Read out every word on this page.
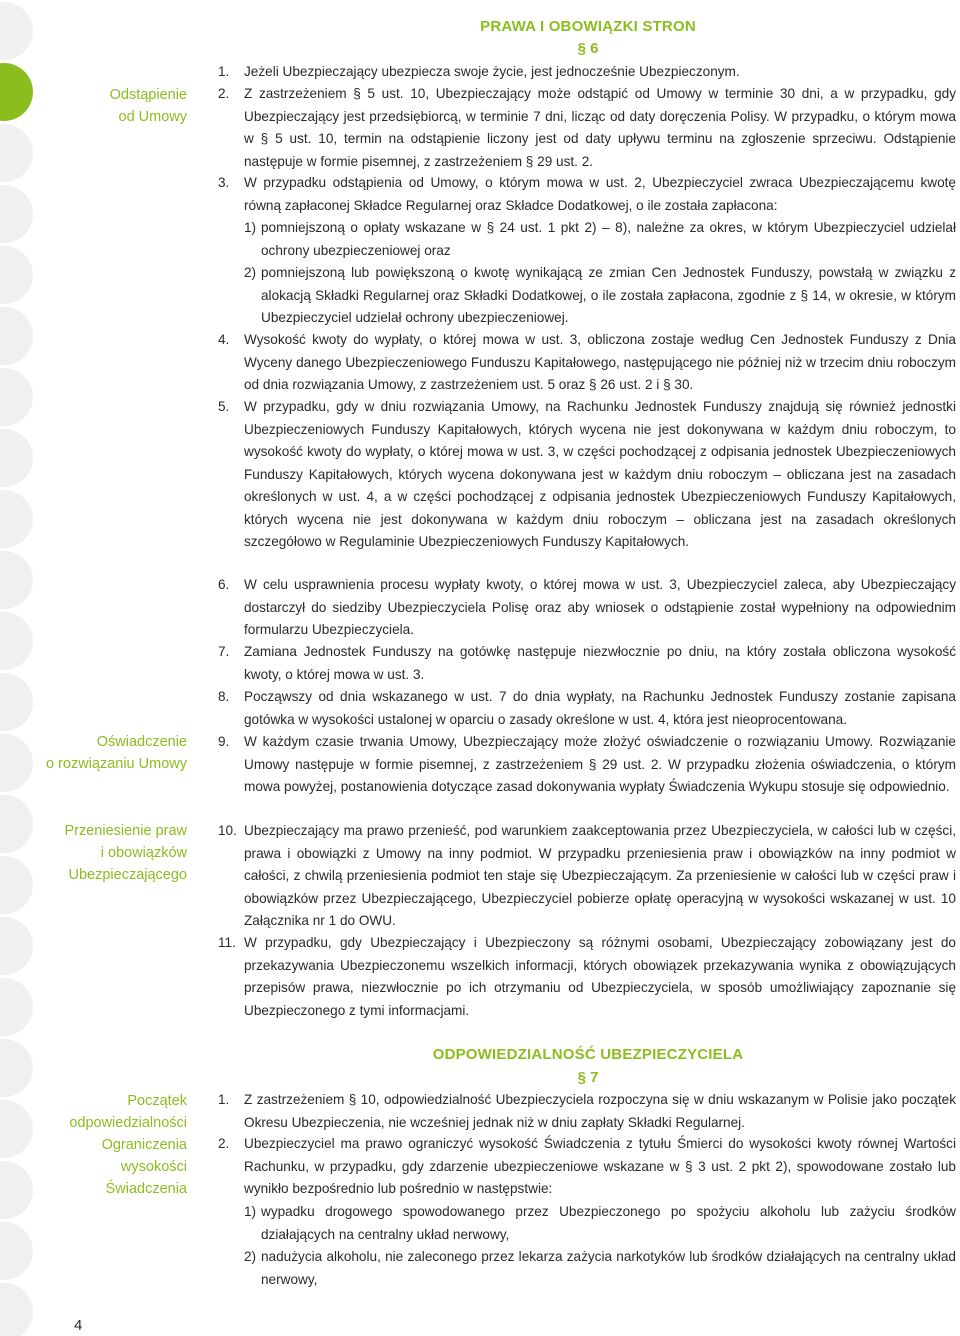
Odstąpienie
od Umowy
Oświadczenie
o rozwiązaniu Umowy
Przeniesienie praw
i obowiązków
Ubezpieczającego
Początek
odpowiedzialności
Ograniczenia
wysokości
Świadczenia
PRAWA I OBOWIĄZKI STRON
§ 6
1.	Jeżeli Ubezpieczający ubezpiecza swoje życie, jest jednocześnie Ubezpieczonym.
2.	Z zastrzeżeniem § 5 ust. 10, Ubezpieczający może odstąpić od Umowy w terminie 30 dni, a w przypadku, gdy Ubezpieczający jest przedsiębiorcą, w terminie 7 dni, licząc od daty doręczenia Polisy. W przypadku, o którym mowa w § 5 ust. 10, termin na odstąpienie liczony jest od daty upływu terminu na zgłoszenie sprzeciwu. Odstąpienie następuje w formie pisemnej, z zastrzeżeniem § 29 ust. 2.
3.	W przypadku odstąpienia od Umowy, o którym mowa w ust. 2, Ubezpieczyciel zwraca Ubezpieczającemu kwotę równą zapłaconej Składce Regularnej oraz Składce Dodatkowej, o ile została zapłacona:
1) pomniejszoną o opłaty wskazane w § 24 ust. 1 pkt 2) – 8), należne za okres, w którym Ubezpieczyciel udzielał ochrony ubezpieczeniowej oraz
2) pomniejszoną lub powiększoną o kwotę wynikającą ze zmian Cen Jednostek Funduszy, powstałą w związku z alokacją Składki Regularnej oraz Składki Dodatkowej, o ile została zapłacona, zgodnie z § 14, w okresie, w którym Ubezpieczyciel udzielał ochrony ubezpieczeniowej.
4.	Wysokość kwoty do wypłaty, o której mowa w ust. 3, obliczona zostaje według Cen Jednostek Funduszy z Dnia Wyceny danego Ubezpieczeniowego Funduszu Kapitałowego, następującego nie później niż w trzecim dniu roboczym od dnia rozwiązania Umowy, z zastrzeżeniem ust. 5 oraz § 26 ust. 2 i § 30.
5.	W przypadku, gdy w dniu rozwiązania Umowy, na Rachunku Jednostek Funduszy znajdują się również jednostki Ubezpieczeniowych Funduszy Kapitałowych, których wycena nie jest dokonywana w każdym dniu roboczym, to wysokość kwoty do wypłaty, o której mowa w ust. 3, w części pochodzącej z odpisania jednostek Ubezpieczeniowych Funduszy Kapitałowych, których wycena dokonywana jest w każdym dniu roboczym – obliczana jest na zasadach określonych w ust. 4, a w części pochodzącej z odpisania jednostek Ubezpieczeniowych Funduszy Kapitałowych, których wycena nie jest dokonywana w każdym dniu roboczym – obliczana jest na zasadach określonych szczegółowo w Regulaminie Ubezpieczeniowych Funduszy Kapitałowych.
6.	W celu usprawnienia procesu wypłaty kwoty, o której mowa w ust. 3, Ubezpieczyciel zaleca, aby Ubezpieczający dostarczył do siedziby Ubezpieczyciela Polisę oraz aby wniosek o odstąpienie został wypełniony na odpowiednim formularzu Ubezpieczyciela.
7.	Zamiana Jednostek Funduszy na gotówkę następuje niezwłocznie po dniu, na który została obliczona wysokość kwoty, o której mowa w ust. 3.
8.	Począwszy od dnia wskazanego w ust. 7 do dnia wypłaty, na Rachunku Jednostek Funduszy zostanie zapisana gotówka w wysokości ustalonej w oparciu o zasady określone w ust. 4, która jest nieoprocentowana.
9.	W każdym czasie trwania Umowy, Ubezpieczający może złożyć oświadczenie o rozwiązaniu Umowy. Rozwiązanie Umowy następuje w formie pisemnej, z zastrzeżeniem § 29 ust. 2. W przypadku złożenia oświadczenia, o którym mowa powyżej, postanowienia dotyczące zasad dokonywania wypłaty Świadczenia Wykupu stosuje się odpowiednio.
10. Ubezpieczający ma prawo przenieść, pod warunkiem zaakceptowania przez Ubezpieczyciela, w całości lub w części, prawa i obowiązki z Umowy na inny podmiot. W przypadku przeniesienia praw i obowiązków na inny podmiot w całości, z chwilą przeniesienia podmiot ten staje się Ubezpieczającym. Za przeniesienie w całości lub w części praw i obowiązków przez Ubezpieczającego, Ubezpieczyciel pobierze opłatę operacyjną w wysokości wskazanej w ust. 10 Załącznika nr 1 do OWU.
11. W przypadku, gdy Ubezpieczający i Ubezpieczony są różnymi osobami, Ubezpieczający zobowiązany jest do przekazywania Ubezpieczonemu wszelkich informacji, których obowiązek przekazywania wynika z obowiązujących przepisów prawa, niezwłocznie po ich otrzymaniu od Ubezpieczyciela, w sposób umożliwiający zapoznanie się Ubezpieczonego z tymi informacjami.
ODPOWIEDZIALNOŚĆ UBEZPIECZYCIELA
§ 7
1.	Z zastrzeżeniem § 10, odpowiedzialność Ubezpieczyciela rozpoczyna się w dniu wskazanym w Polisie jako początek Okresu Ubezpieczenia, nie wcześniej jednak niż w dniu zapłaty Składki Regularnej.
2.	Ubezpieczyciel ma prawo ograniczyć wysokość Świadczenia z tytułu Śmierci do wysokości kwoty równej Wartości Rachunku, w przypadku, gdy zdarzenie ubezpieczeniowe wskazane w § 3 ust. 2 pkt 2), spowodowane zostało lub wynikło bezpośrednio lub pośrednio w następstwie:
1) wypadku drogowego spowodowanego przez Ubezpieczonego po spożyciu alkoholu lub zażyciu środków działających na centralny układ nerwowy,
2) nadużycia alkoholu, nie zaleconego przez lekarza zażycia narkotyków lub środków działających na centralny układ nerwowy,
4
